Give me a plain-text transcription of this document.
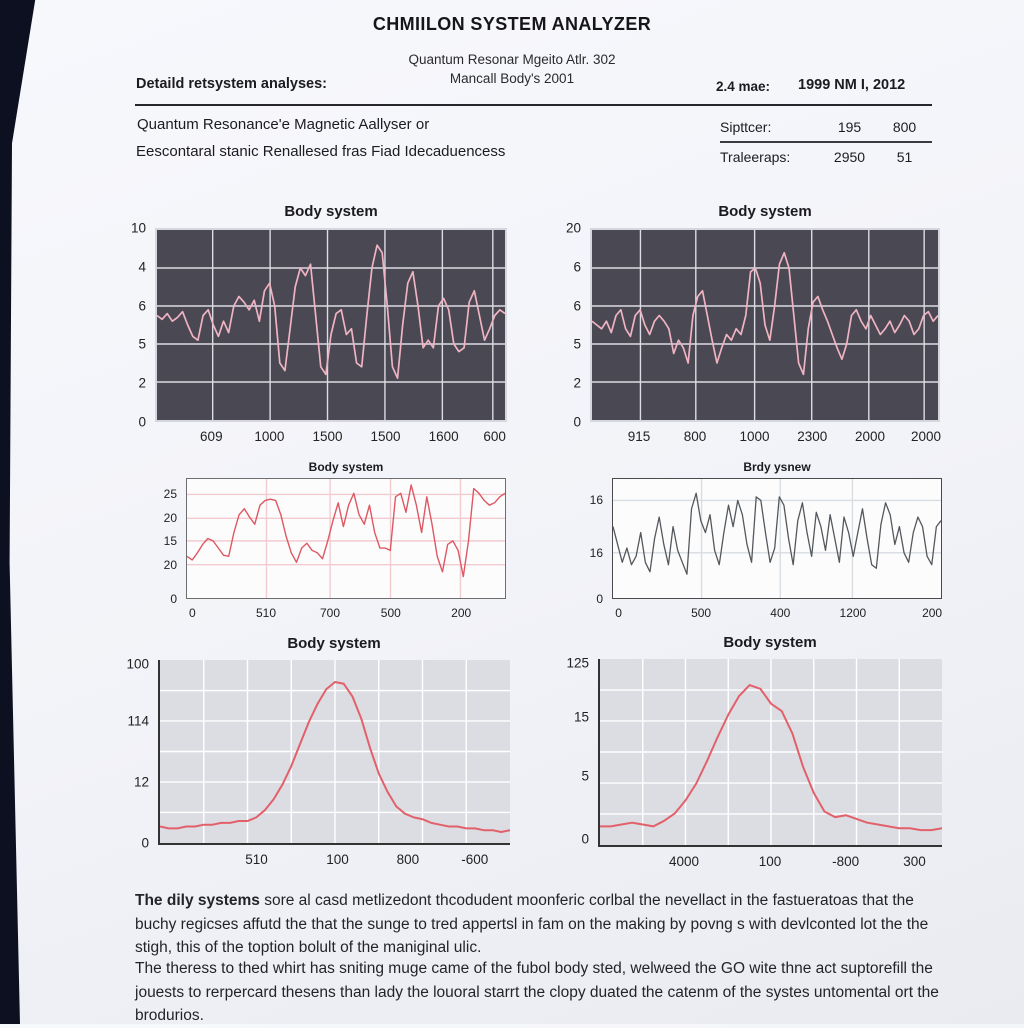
CHMIILON SYSTEM ANALYZER
Quantum Resonar Mgeito Atlr. 302
Mancall Body's 2001
Detaild retsystem analyses:	2.4 mae: 1999 NM I, 2012
Quantum Resonance'e Magnetic Aallyser or
Eescontaral stanic Renallesed fras Fiad Idecaduencess
Sipttcer:	195	800
Traleeraps:	2950	51
Body system
10
4
6
5
2
0
609 1000 1500 1500 1600 600
Body system
20
6
6
5
2
0
915 800 1000 2300 2000 2000
Body system
25
20
15
20
0
0	510	700	500	200
Brdy ysnew
16
16
0
0	500	400	1200	200
Body system
100
114
12
0
510	100	800	-600
Body system
125
15
5
0
4000	100	-800	300
The dily systems sore al casd metlizedont thcodudent moonferic corlbal the nevellact in the fastueratoas that the buchy regicses affutd the that the sunge to tred appertsl in fam on the making by povng s with devlconted lot the the stigh, this of the toption bolult of the maniginal ulic.
The theress to thed whirt has sniting muge came of the fubol body sted, welweed the GO wite thne act suptorefill the jouests to rerpercard thesens than lady the louoral starrt the clopy duated the catenm of the systes untomental ort the brodurios.
